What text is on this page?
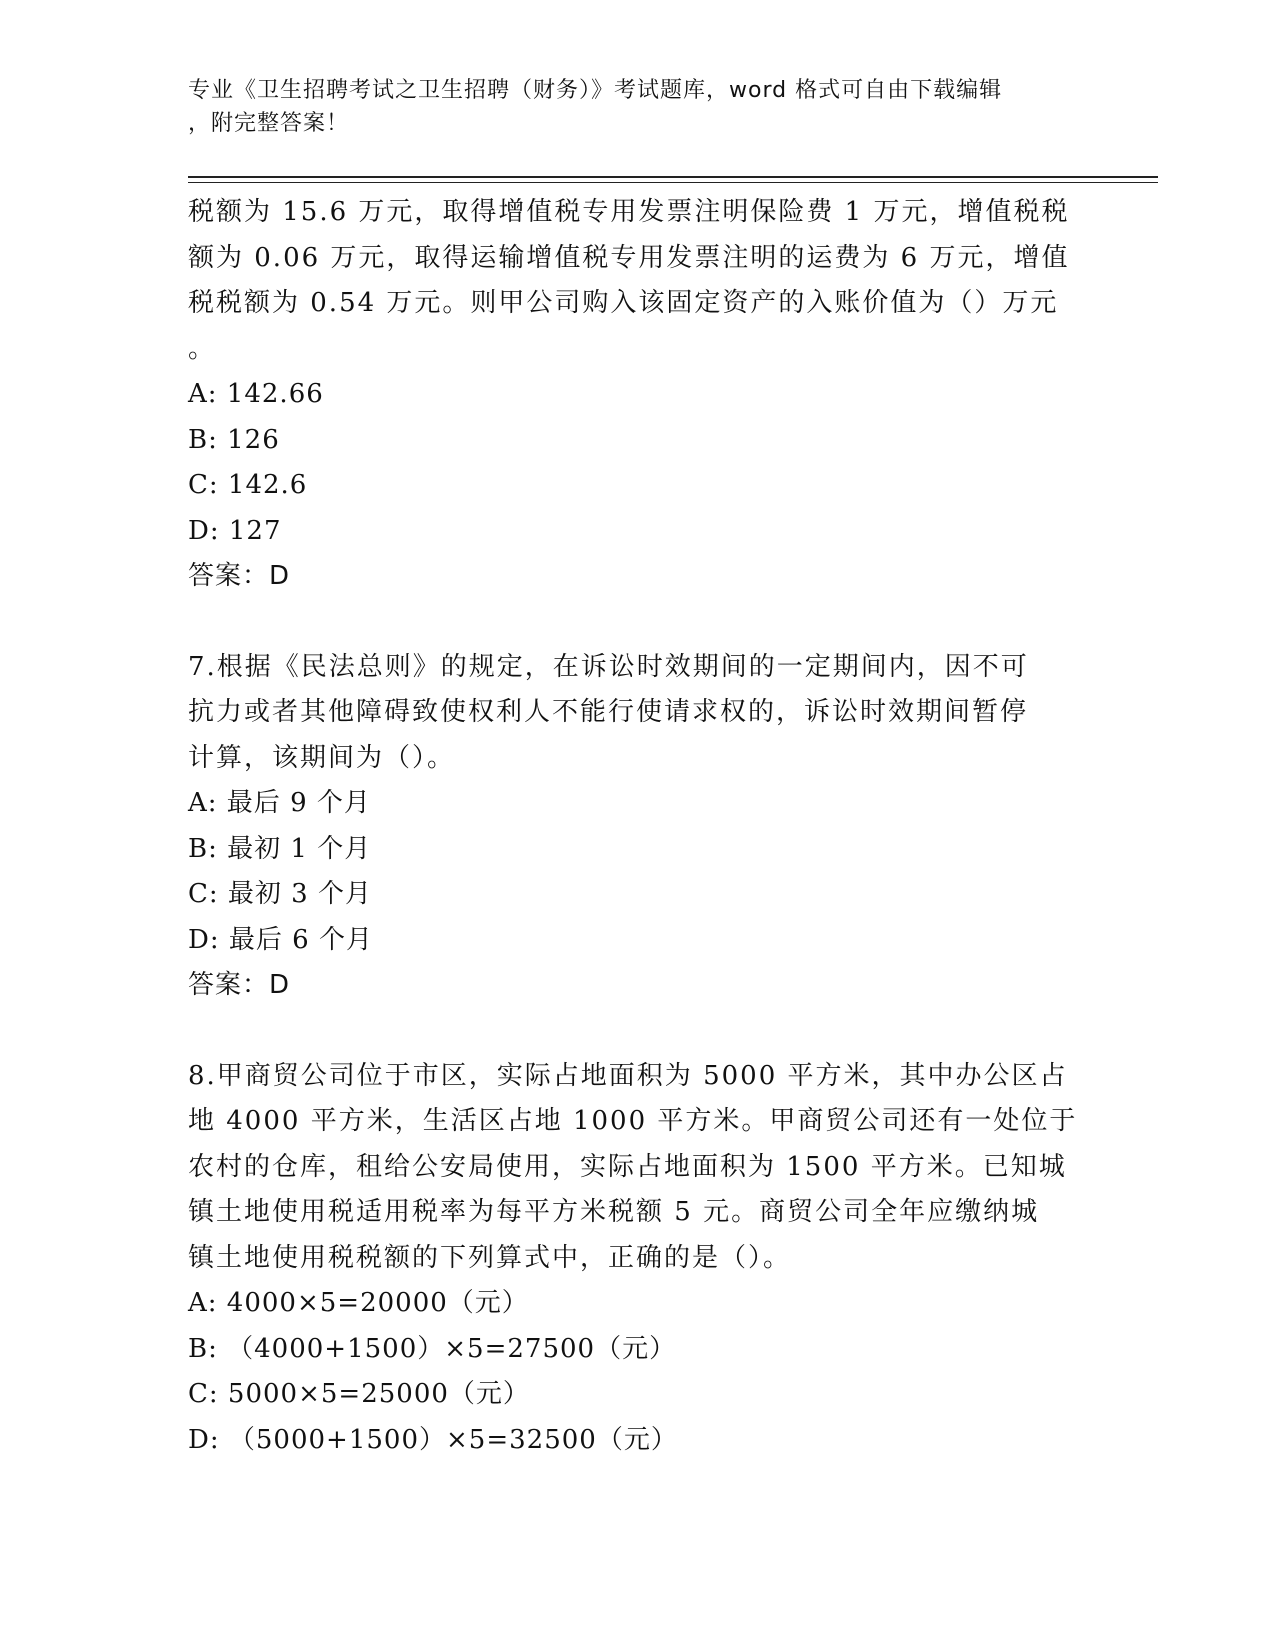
专业《卫生招聘考试之卫生招聘（财务）》考试题库，word 格式可自由下载编辑
，附完整答案！
税额为 15.6 万元，取得增值税专用发票注明保险费 1 万元，增值税税
额为 0.06 万元，取得运输增值税专用发票注明的运费为 6 万元，增值
税税额为 0.54 万元。则甲公司购入该固定资产的入账价值为（）万元
。
A: 142.66
B: 126
C: 142.6
D: 127
答案：D
7.根据《民法总则》的规定，在诉讼时效期间的一定期间内，因不可
抗力或者其他障碍致使权利人不能行使请求权的，诉讼时效期间暂停
计算，该期间为（）。
A: 最后 9 个月
B: 最初 1 个月
C: 最初 3 个月
D: 最后 6 个月
答案：D
8.甲商贸公司位于市区，实际占地面积为 5000 平方米，其中办公区占
地 4000 平方米，生活区占地 1000 平方米。甲商贸公司还有一处位于
农村的仓库，租给公安局使用，实际占地面积为 1500 平方米。已知城
镇土地使用税适用税率为每平方米税额 5 元。商贸公司全年应缴纳城
镇土地使用税税额的下列算式中，正确的是（）。
A: 4000×5=20000（元）
B: （4000+1500）×5=27500（元）
C: 5000×5=25000（元）
D: （5000+1500）×5=32500（元）
